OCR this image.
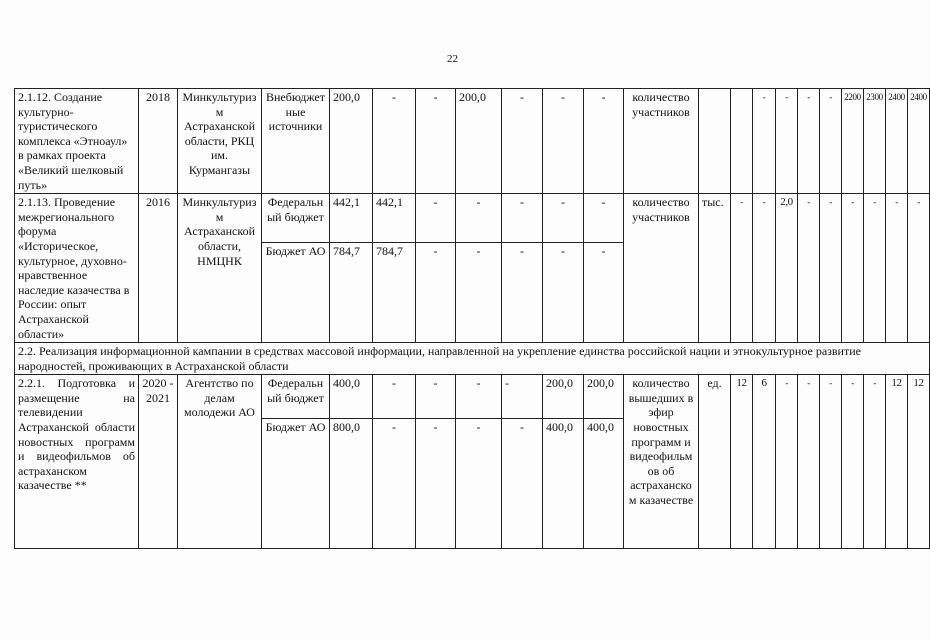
22
2.1.12. Создание культурно-туристического комплекса «Этноаул» в рамках проекта «Великий шелковый путь»	2018	Минкультуризм Астраханской области, РКЦ им. Курмангазы	Внебюджетные источники	200,0	-	-	200,0	-	-	-	количество участников			-	-	-	-	2200	2300	2400	2400
2.1.13. Проведение межрегионального форума «Историческое, культурное, духовно-нравственное наследие казачества в России: опыт Астраханской области»	2016	Минкультуризм Астраханской области, НМЦНК	Федеральный бюджет	442,1	442,1	-	-	-	-	-	количество участников	тыс.	-	-	2,0	-	-	-	-	-	-
			Бюджет АО	784,7	784,7	-	-	-	-	-											
2.2. Реализация информационной кампании в средствах массовой информации, направленной на укрепление единства российской нации и этнокультурное развитие народностей, проживающих в Астраханской области																					
2.2.1. Подготовка и размещение на телевидении Астраханской области новостных программ и видеофильмов об астраханском казачестве **	2020 - 2021	Агентство по делам молодежи АО	Федеральный бюджет	400,0	-	-	-	-	200,0	200,0	количество вышедших в эфир новостных программ и видеофильмов об астраханском казачестве	ед.	12	6	-	-	-	-	-	12	12
			Бюджет АО	800,0	-	-	-	-	400,0	400,0											
